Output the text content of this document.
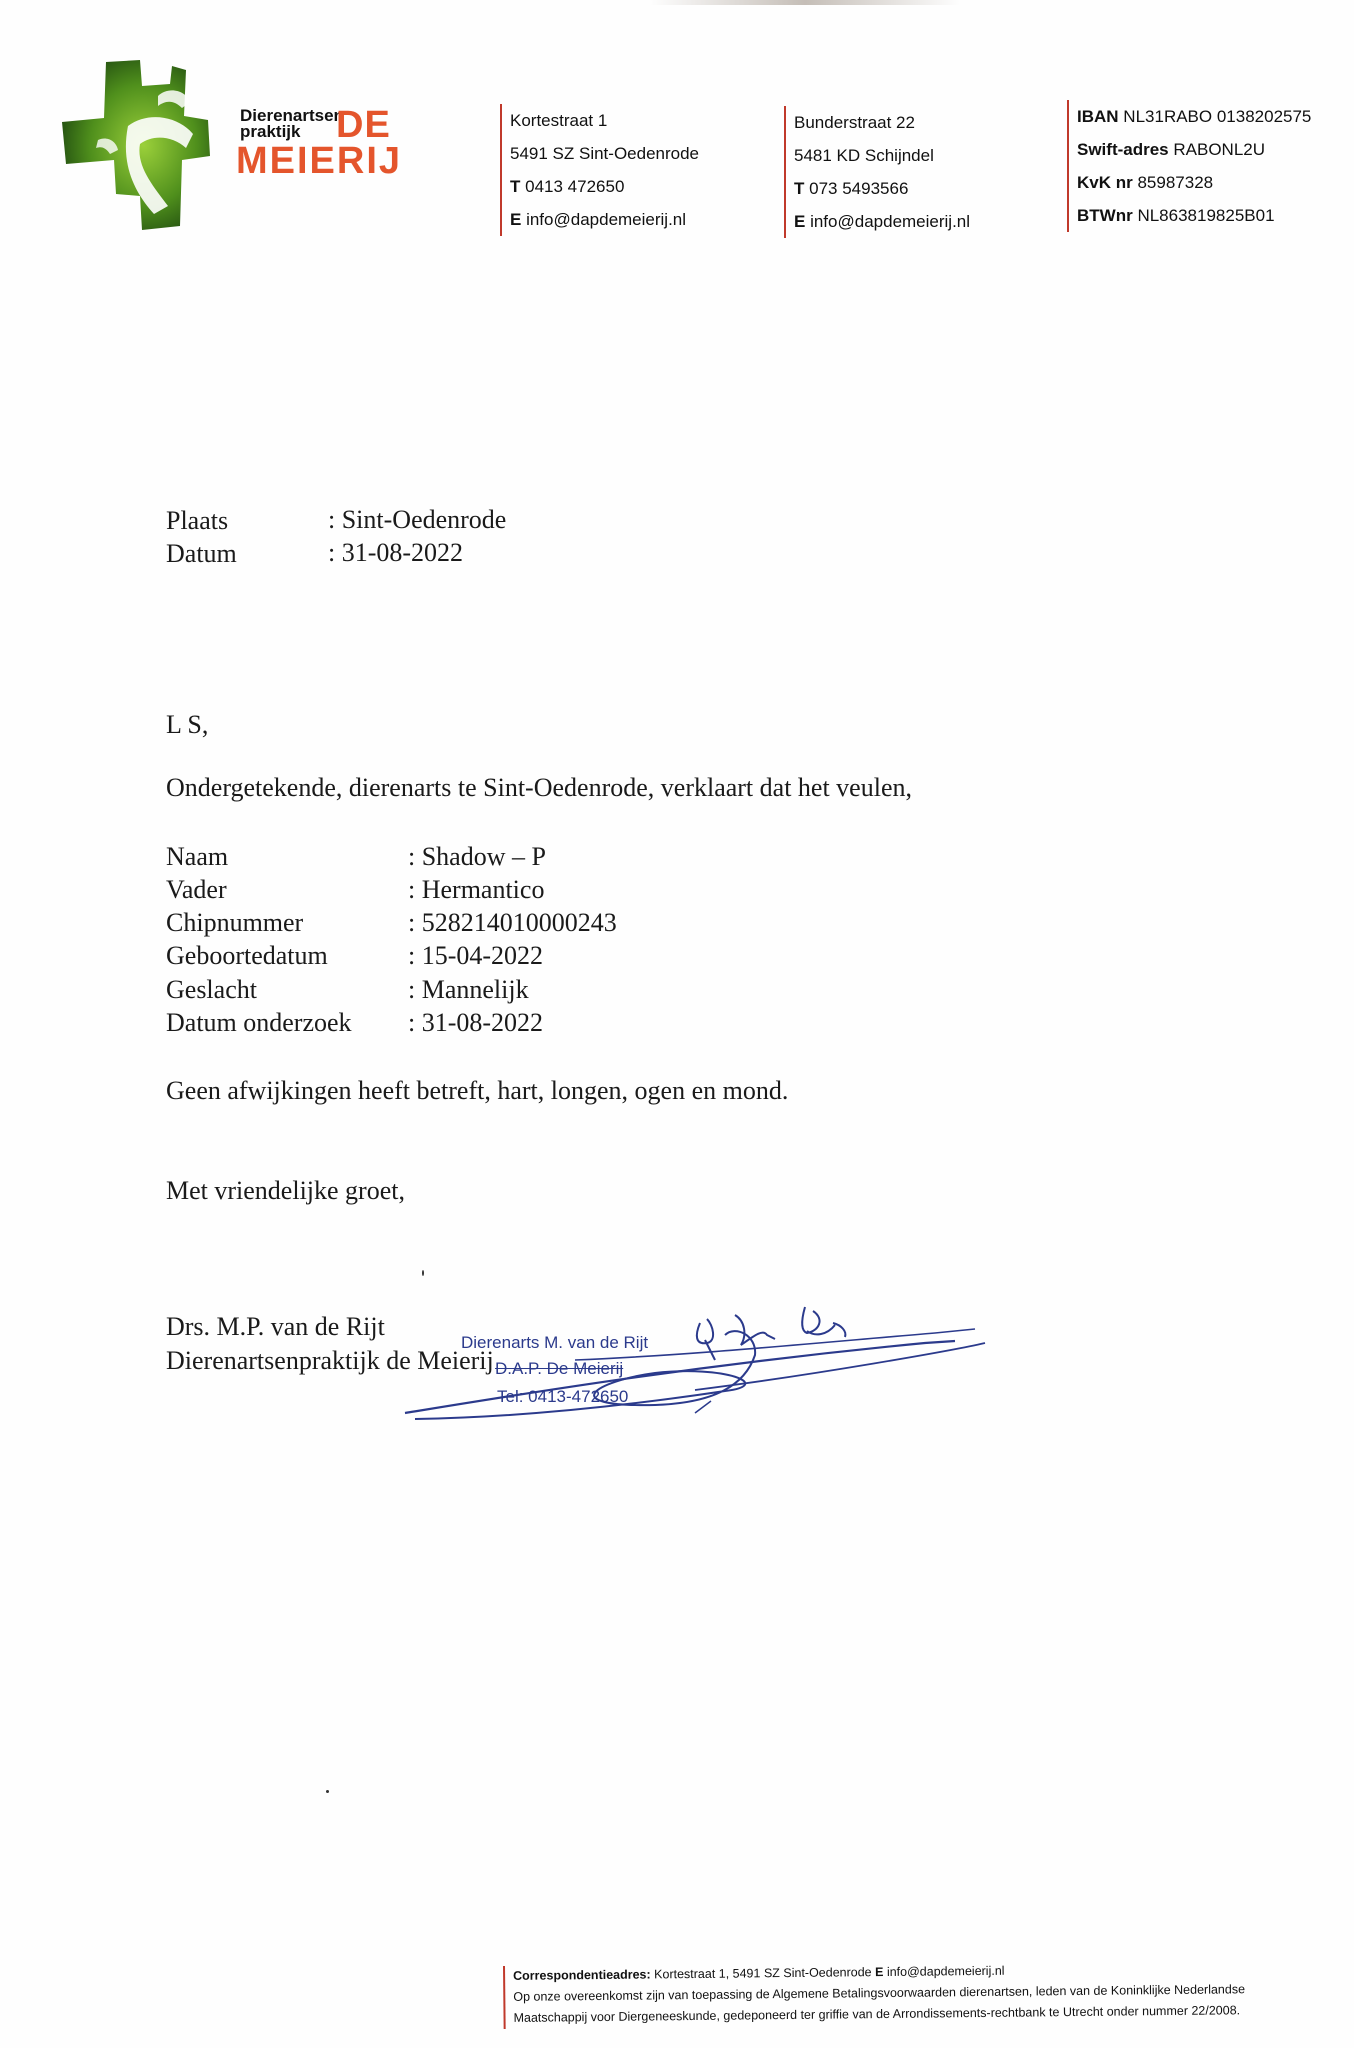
Dierenartsen
praktijk DE
MEIERIJ
Kortestraat 1
5491 SZ Sint-Oedenrode
T 0413 472650
E info@dapdemeierij.nl
Bunderstraat 22
5481 KD Schijndel
T 073 5493566
E info@dapdemeierij.nl
IBAN NL31RABO 0138202575
Swift-adres RABONL2U
KvK nr 85987328
BTWnr NL863819825B01
Plaats	: Sint-Oedenrode
Datum	: 31-08-2022
L S,
Ondergetekende, dierenarts te Sint-Oedenrode, verklaart dat het veulen,
Naam	: Shadow – P
Vader	: Hermantico
Chipnummer	: 528214010000243
Geboortedatum	: 15-04-2022
Geslacht	: Mannelijk
Datum onderzoek : 31-08-2022
Geen afwijkingen heeft betreft, hart, longen, ogen en mond.
Met vriendelijke groet,
Drs. M.P. van de Rijt
Dierenartsenpraktijk de Meierij
Dierenarts M. van de Rijt
D.A.P. De Meierij
Tel: 0413-472650
Correspondentieadres: Kortestraat 1, 5491 SZ Sint-Oedenrode E info@dapdemeierij.nl
Op onze overeenkomst zijn van toepassing de Algemene Betalingsvoorwaarden dierenartsen, leden van de Koninklijke Nederlandse
Maatschappij voor Diergeneeskunde, gedeponeerd ter griffie van de Arrondissements-rechtbank te Utrecht onder nummer 22/2008.
